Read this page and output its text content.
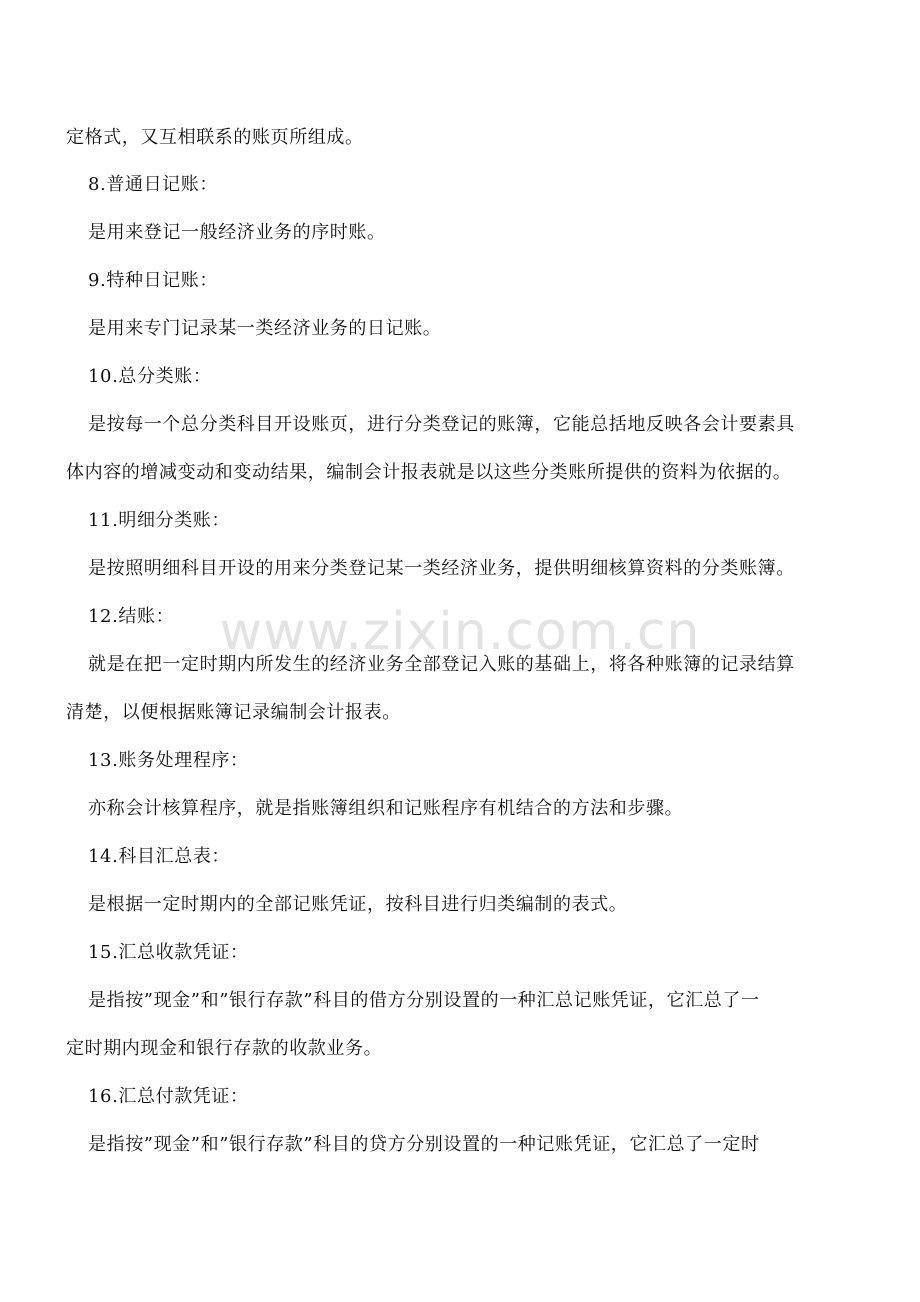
定格式，又互相联系的账页所组成。
8.普通日记账：
是用来登记一般经济业务的序时账。
9.特种日记账：
是用来专门记录某一类经济业务的日记账。
10.总分类账：
是按每一个总分类科目开设账页，进行分类登记的账簿，它能总括地反映各会计要素具
体内容的增减变动和变动结果，编制会计报表就是以这些分类账所提供的资料为依据的。
11.明细分类账：
是按照明细科目开设的用来分类登记某一类经济业务，提供明细核算资料的分类账簿。
12.结账：
就是在把一定时期内所发生的经济业务全部登记入账的基础上，将各种账簿的记录结算
清楚，以便根据账簿记录编制会计报表。
13.账务处理程序：
亦称会计核算程序，就是指账簿组织和记账程序有机结合的方法和步骤。
14.科目汇总表：
是根据一定时期内的全部记账凭证，按科目进行归类编制的表式。
15.汇总收款凭证：
是指按”现金”和”银行存款”科目的借方分别设置的一种汇总记账凭证，它汇总了一
定时期内现金和银行存款的收款业务。
16.汇总付款凭证：
是指按”现金”和”银行存款”科目的贷方分别设置的一种记账凭证，它汇总了一定时
www.zixin.com.cn
